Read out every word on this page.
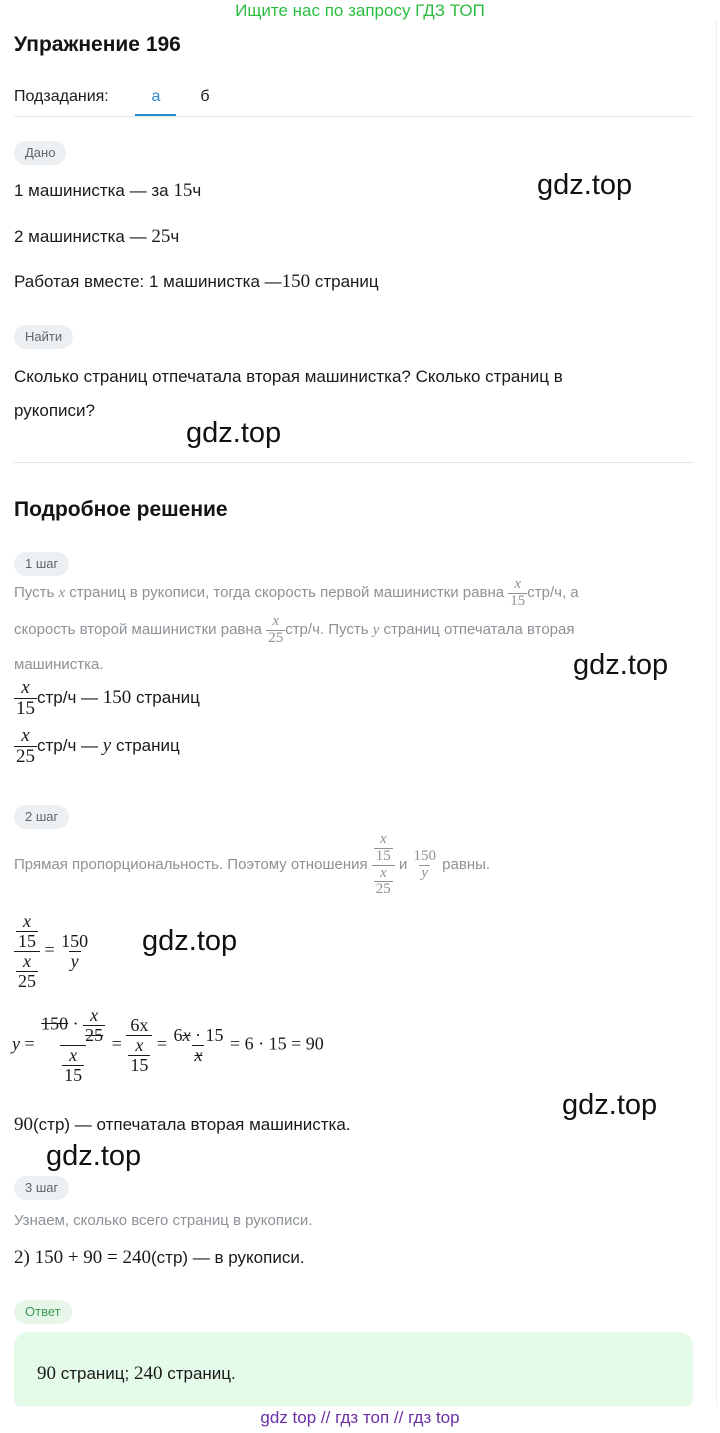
Ищите нас по запросу ГДЗ ТОП
Упражнение 196
Подзадания:	а	б
Дано
1 машинистка — за 15ч
2 машинистка — 25ч
Работая вместе: 1 машинистка —150 страниц
Найти
Сколько страниц отпечатала вторая машинистка? Сколько страниц в
рукописи?
Подробное решение
1 шаг
Пусть x страниц в рукописи, тогда скорость первой машинистки равна $\frac{x}{15} стр/ч$, а
скорость второй машинистки равна $\frac{x}{25} стр/ч$. Пусть y страниц отпечатала вторая
машинистка.
$\frac{x}{15} стр/ч$ — 150 страниц
$\frac{x}{25} стр/ч$ — y страниц
2 шаг
Прямая пропорциональность. Поэтому отношения $\frac{\frac{x}{15}}{\frac{x}{25}}$ и $\frac{150}{y}$ равны.
$\frac{\frac{x}{15}}{\frac{x}{25}} = \frac{150}{y}$
$y = \frac{150 \cdot \frac{x}{25}}{\frac{x}{15}} = \frac{6x}{\frac{x}{15}} = \frac{6x \cdot 15}{x} = 6 \cdot 15 = 90$
90(стр) — отпечатала вторая машинистка.
3 шаг
Узнаем, сколько всего страниц в рукописи.
2) 150 + 90 = 240(стр) — в рукописи.
Ответ
90 страниц; 240 страниц.
gdz.top
gdz.top
gdz.top
gdz.top
gdz.top
gdz.top
gdz top // гдз топ // гдз top
